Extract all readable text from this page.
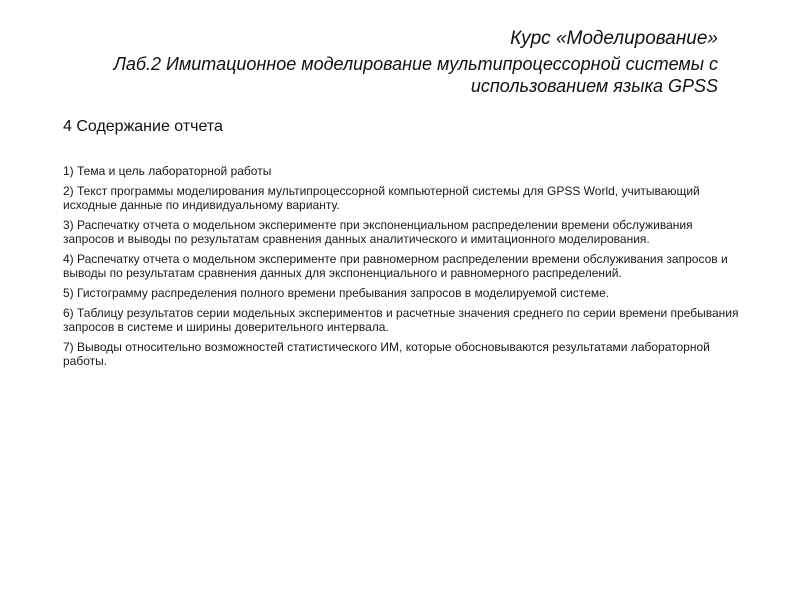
Курс «Моделирование»
Лаб.2 Имитационное моделирование мультипроцессорной системы с использованием языка GPSS
4 Содержание отчета
1) Тема и цель лабораторной работы
2) Текст программы моделирования мультипроцессорной компьютерной системы для GPSS World, учитывающий исходные данные по индивидуальному варианту.
3) Распечатку отчета о модельном эксперименте при экспоненциальном распределении времени обслуживания запросов и выводы по результатам сравнения данных аналитического и имитационного моделирования.
4) Распечатку отчета о модельном эксперименте при равномерном распределении времени обслуживания запросов и выводы по результатам сравнения данных для экспоненциального и равномерного распределений.
5) Гистограмму распределения полного времени пребывания запросов в моделируемой системе.
6) Таблицу результатов серии модельных экспериментов и расчетные значения среднего по серии времени пребывания запросов в системе и ширины доверительного интервала.
7) Выводы относительно возможностей статистического ИМ, которые обосновываются результатами лабораторной работы.
